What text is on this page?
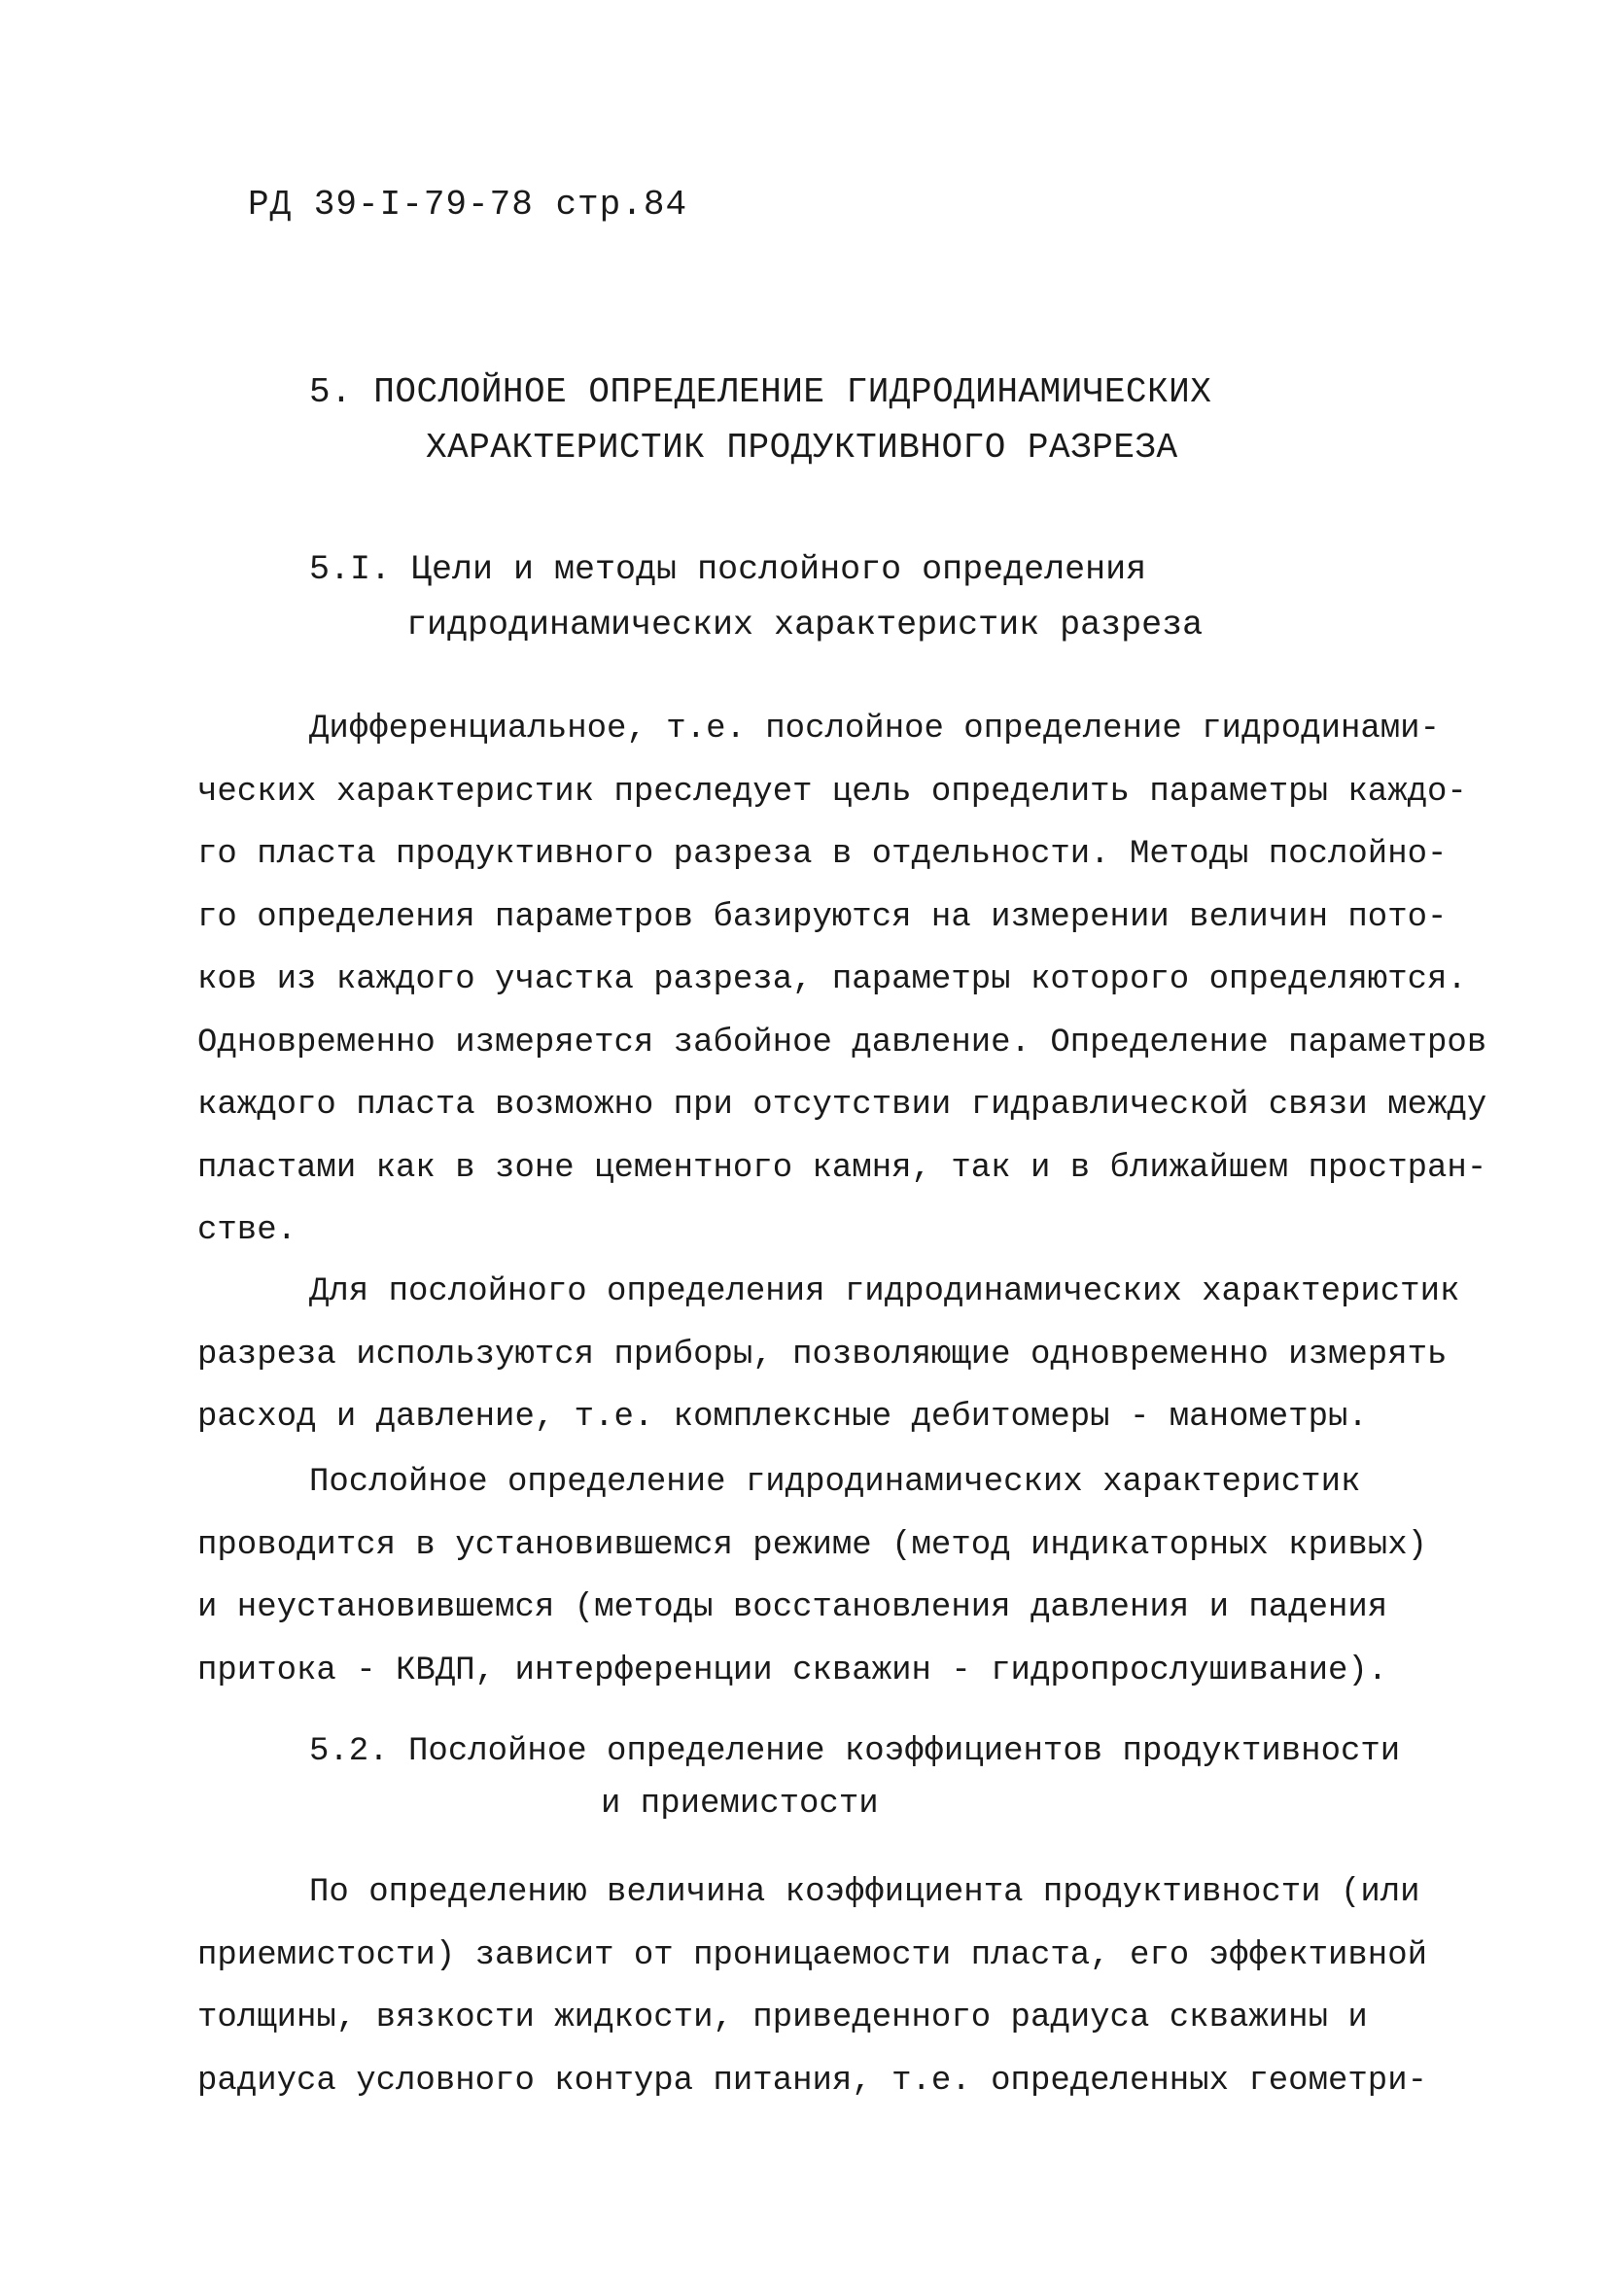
РД 39-I-79-78 стр.84
5. ПОСЛОЙНОЕ ОПРЕДЕЛЕНИЕ ГИДРОДИНАМИЧЕСКИХ
ХАРАКТЕРИСТИК ПРОДУКТИВНОГО РАЗРЕЗА
5.I. Цели и методы послойного определения
гидродинамических характеристик разреза
Дифференциальное, т.е. послойное определение гидродинами-
ческих характеристик преследует цель определить параметры каждо-
го пласта продуктивного разреза в отдельности. Методы послойно-
го определения параметров базируются на измерении величин пото-
ков из каждого участка разреза, параметры которого определяются.
Одновременно измеряется забойное давление. Определение параметров
каждого пласта возможно при отсутствии гидравлической связи между
пластами как в зоне цементного камня, так и в ближайшем простран-
стве.
Для послойного определения гидродинамических характеристик
разреза используются приборы, позволяющие одновременно измерять
расход и давление, т.е. комплексные дебитомеры - манометры.
Послойное определение гидродинамических характеристик
проводится в установившемся режиме (метод индикаторных кривых)
и неустановившемся (методы восстановления давления и падения
притока - КВДП, интерференции скважин - гидропрослушивание).
5.2. Послойное определение коэффициентов продуктивности
и приемистости
По определению величина коэффициента продуктивности (или
приемистости) зависит от проницаемости пласта, его эффективной
толщины, вязкости жидкости, приведенного радиуса скважины и
радиуса условного контура питания, т.е. определенных геометри-
